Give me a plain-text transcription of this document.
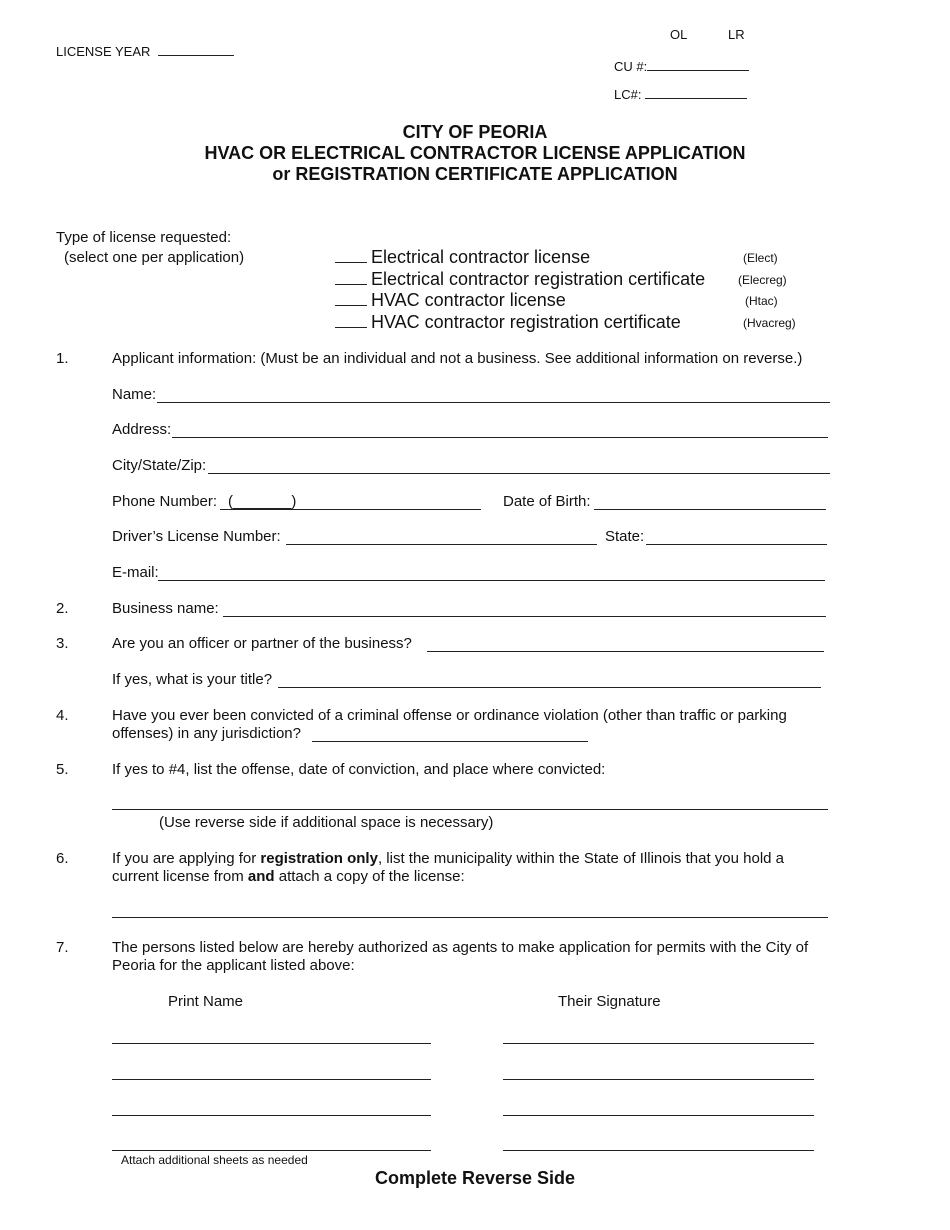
LICENSE YEAR
OL	LR
CU #:
LC#:
CITY OF PEORIA
HVAC OR ELECTRICAL CONTRACTOR LICENSE APPLICATION
or REGISTRATION CERTIFICATE APPLICATION
Type of license requested:
(select one per application)	Electrical contractor license	(Elect)
Electrical contractor registration certificate	(Elecreg)
HVAC contractor license	(Htac)
HVAC contractor registration certificate	(Hvacreg)
1.	Applicant information: (Must be an individual and not a business. See additional information on reverse.)
Name:
Address:
City/State/Zip:
Phone Number: (_______)	Date of Birth:
Driver’s License Number:	State:
E-mail:
2.	Business name:
3.	Are you an officer or partner of the business?
If yes, what is your title?
4.	Have you ever been convicted of a criminal offense or ordinance violation (other than traffic or parking
offenses) in any jurisdiction?
5.	If yes to #4, list the offense, date of conviction, and place where convicted:
(Use reverse side if additional space is necessary)
6.	If you are applying for registration only, list the municipality within the State of Illinois that you hold a
current license from and attach a copy of the license:
7.	The persons listed below are hereby authorized as agents to make application for permits with the City of
Peoria for the applicant listed above:
Print Name	Their Signature
Attach additional sheets as needed
Complete Reverse Side
